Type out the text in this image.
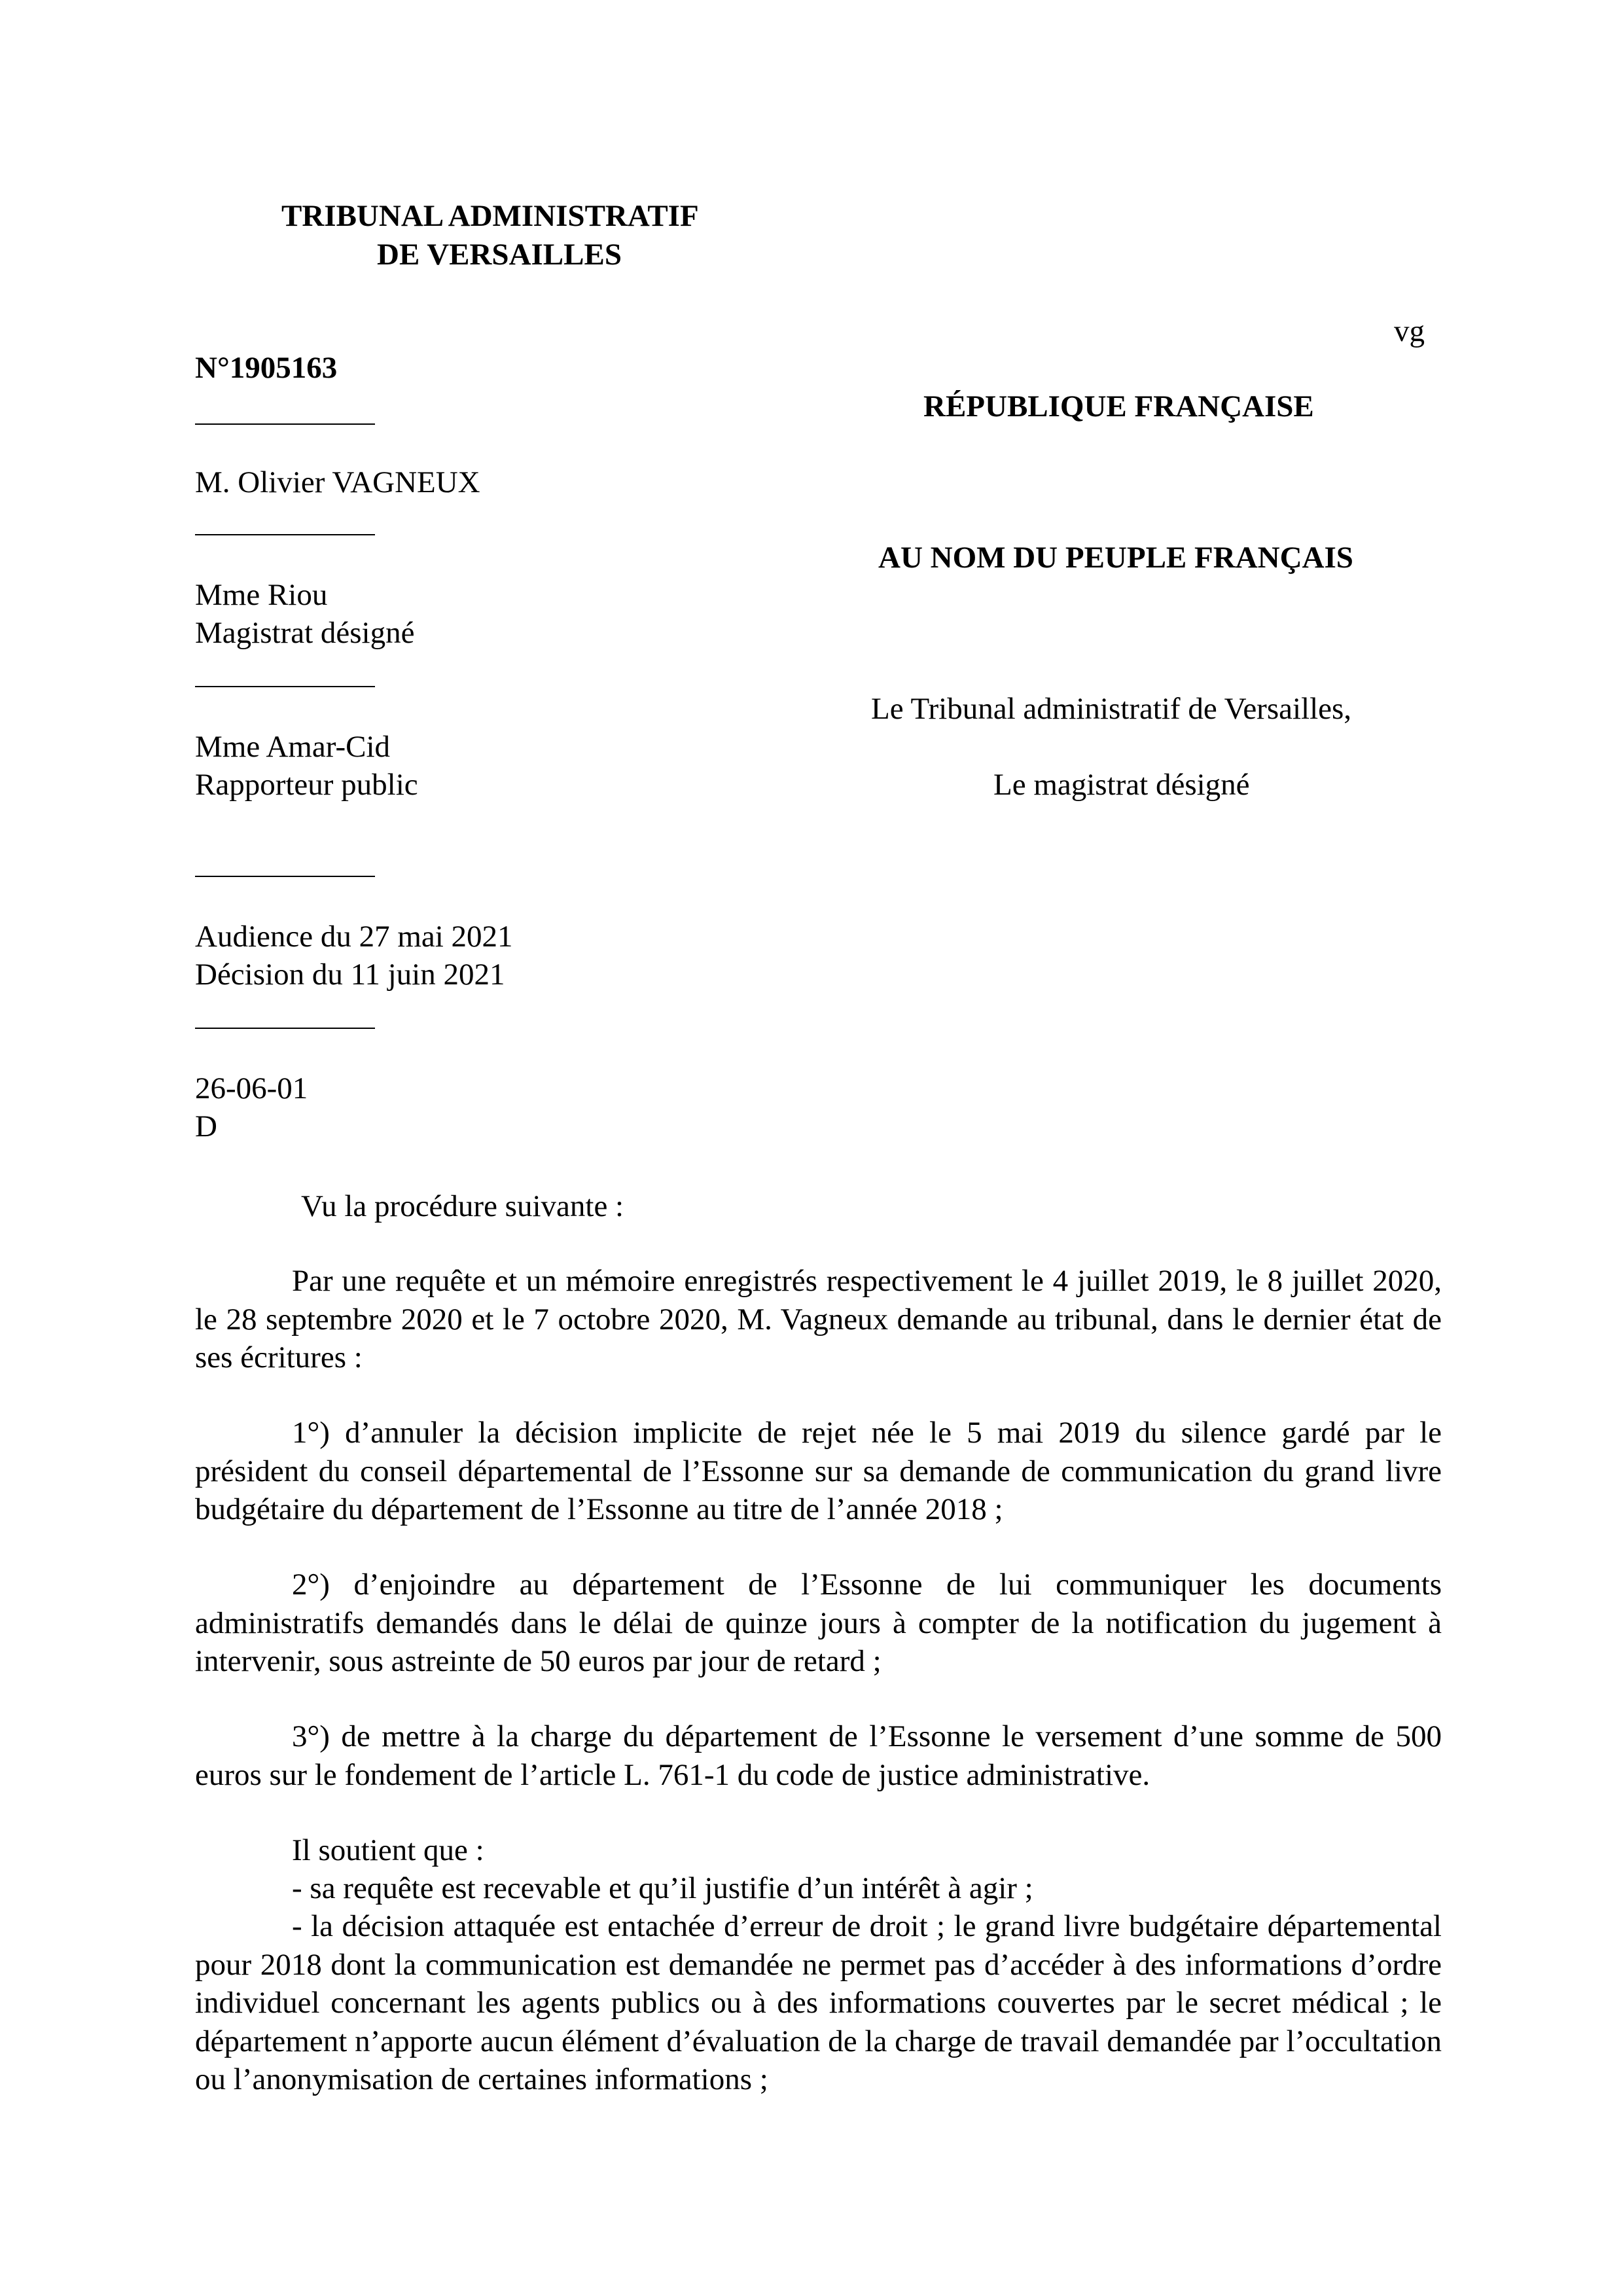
TRIBUNAL ADMINISTRATIF
DE VERSAILLES
vg
N°1905163
M. Olivier VAGNEUX
Mme Riou
Magistrat désigné
Mme Amar-Cid
Rapporteur public
Audience du 27 mai 2021
Décision du 11 juin 2021
26-06-01
D
RÉPUBLIQUE FRANÇAISE
AU NOM DU PEUPLE FRANÇAIS
Le Tribunal administratif de Versailles,
Le magistrat désigné
Vu la procédure suivante :

Par une requête et un mémoire enregistrés respectivement le 4 juillet 2019, le 8 juillet 2020, le 28 septembre 2020 et le 7 octobre 2020, M. Vagneux demande au tribunal, dans le dernier état de ses écritures :

1°) d’annuler la décision implicite de rejet née le 5 mai 2019 du silence gardé par le président du conseil départemental de l’Essonne sur sa demande de communication du grand livre budgétaire du département de l’Essonne au titre de l’année 2018 ;

2°) d’enjoindre au département de l’Essonne de lui communiquer les documents administratifs demandés dans le délai de quinze jours à compter de la notification du jugement à intervenir, sous astreinte de 50 euros par jour de retard ;

3°) de mettre à la charge du département de l’Essonne le versement d’une somme de 500 euros sur le fondement de l’article L. 761-1 du code de justice administrative.

Il soutient que :
- sa requête est recevable et qu’il justifie d’un intérêt à agir ;

- la décision attaquée est entachée d’erreur de droit ; le grand livre budgétaire départemental pour 2018 dont la communication est demandée ne permet pas d’accéder à des informations d’ordre individuel concernant les agents publics ou à des informations couvertes par le secret médical ; le département n’apporte aucun élément d’évaluation de la charge de travail demandée par l’occultation ou l’anonymisation de certaines informations ;
